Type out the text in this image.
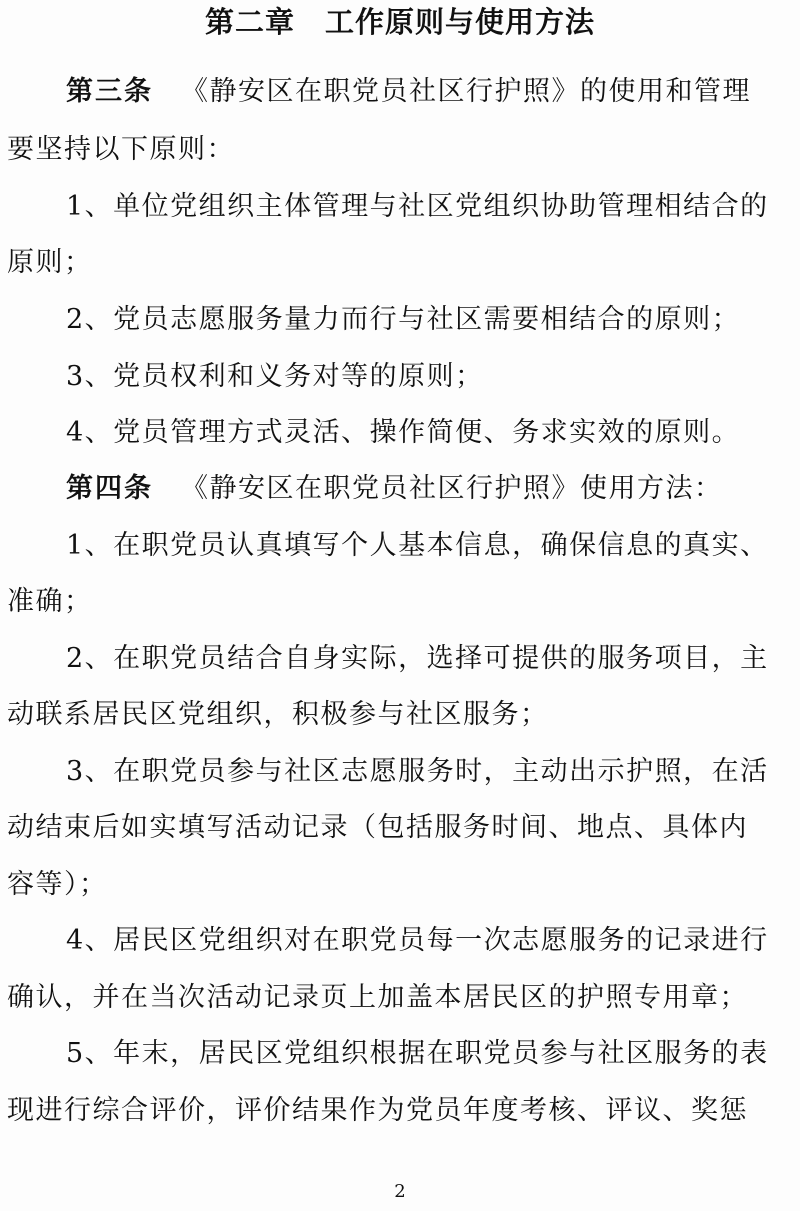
第二章　工作原则与使用方法
第三条 《静安区在职党员社区行护照》的使用和管理
要坚持以下原则：
1、单位党组织主体管理与社区党组织协助管理相结合的
原则；
2、党员志愿服务量力而行与社区需要相结合的原则；
3、党员权利和义务对等的原则；
4、党员管理方式灵活、操作简便、务求实效的原则。
第四条 《静安区在职党员社区行护照》使用方法：
1、在职党员认真填写个人基本信息，确保信息的真实、
准确；
2、在职党员结合自身实际，选择可提供的服务项目，主
动联系居民区党组织，积极参与社区服务；
3、在职党员参与社区志愿服务时，主动出示护照，在活
动结束后如实填写活动记录（包括服务时间、地点、具体内
容等）；
4、居民区党组织对在职党员每一次志愿服务的记录进行
确认，并在当次活动记录页上加盖本居民区的护照专用章；
5、年末，居民区党组织根据在职党员参与社区服务的表
现进行综合评价，评价结果作为党员年度考核、评议、奖惩
2
